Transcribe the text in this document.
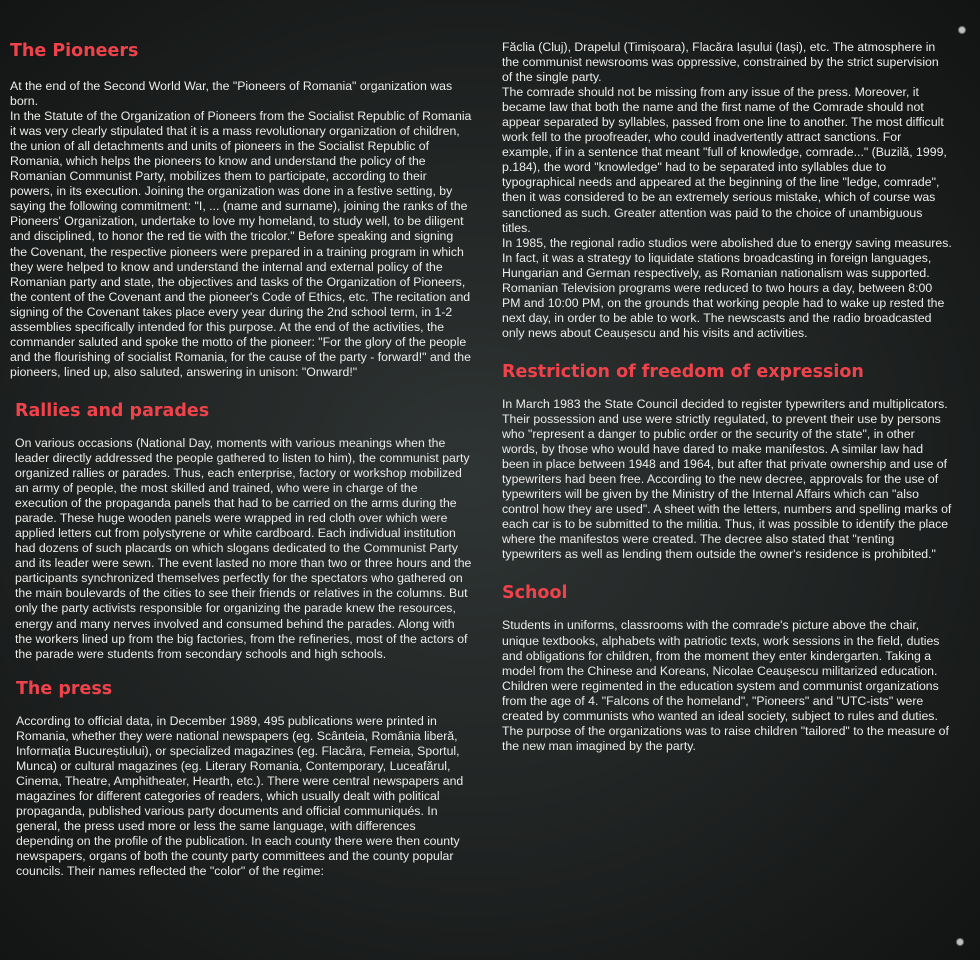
The Pioneers

At the end of the Second World War, the "Pioneers of Romania" organization was born.

In the Statute of the Organization of Pioneers from the Socialist Republic of Romania it was very clearly stipulated that it is a mass revolutionary organization of children, the union of all detachments and units of pioneers in the Socialist Republic of Romania, which helps the pioneers to know and understand the policy of the Romanian Communist Party, mobilizes them to participate, according to their powers, in its execution. Joining the organization was done in a festive setting, by saying the following commitment: "I, ... (name and surname), joining the ranks of the Pioneers' Organization, undertake to love my homeland, to study well, to be diligent and disciplined, to honor the red tie with the tricolor." Before speaking and signing the Covenant, the respective pioneers were prepared in a training program in which they were helped to know and understand the internal and external policy of the Romanian party and state, the objectives and tasks of the Organization of Pioneers, the content of the Covenant and the pioneer's Code of Ethics, etc. The recitation and signing of the Covenant takes place every year during the 2nd school term, in 1-2 assemblies specifically intended for this purpose. At the end of the activities, the commander saluted and spoke the motto of the pioneer: "For the glory of the people and the flourishing of socialist Romania, for the cause of the party - forward!" and the pioneers, lined up, also saluted, answering in unison: "Onward!"

Rallies and parades

On various occasions (National Day, moments with various meanings when the leader directly addressed the people gathered to listen to him), the communist party organized rallies or parades. Thus, each enterprise, factory or workshop mobilized an army of people, the most skilled and trained, who were in charge of the execution of the propaganda panels that had to be carried on the arms during the parade. These huge wooden panels were wrapped in red cloth over which were applied letters cut from polystyrene or white cardboard. Each individual institution had dozens of such placards on which slogans dedicated to the Communist Party and its leader were sewn. The event lasted no more than two or three hours and the participants synchronized themselves perfectly for the spectators who gathered on the main boulevards of the cities to see their friends or relatives in the columns. But only the party activists responsible for organizing the parade knew the resources, energy and many nerves involved and consumed behind the parades. Along with the workers lined up from the big factories, from the refineries, most of the actors of the parade were students from secondary schools and high schools.

The press

According to official data, in December 1989, 495 publications were printed in Romania, whether they were national newspapers (eg. Scânteia, România liberă, Informația Bucureștiului), or specialized magazines (eg. Flacăra, Femeia, Sportul, Munca) or cultural magazines (eg. Literary Romania, Contemporary, Luceafărul, Cinema, Theatre, Amphitheater, Hearth, etc.). There were central newspapers and magazines for different categories of readers, which usually dealt with political propaganda, published various party documents and official communiqués. In general, the press used more or less the same language, with differences depending on the profile of the publication. In each county there were then county newspapers, organs of both the county party committees and the county popular councils. Their names reflected the "color" of the regime:

Făclia (Cluj), Drapelul (Timișoara), Flacăra Iașului (Iași), etc. The atmosphere in the communist newsrooms was oppressive, constrained by the strict supervision of the single party.

The comrade should not be missing from any issue of the press. Moreover, it became law that both the name and the first name of the Comrade should not appear separated by syllables, passed from one line to another. The most difficult work fell to the proofreader, who could inadvertently attract sanctions. For example, if in a sentence that meant "full of knowledge, comrade..." (Buzilă, 1999, p.184), the word "knowledge" had to be separated into syllables due to typographical needs and appeared at the beginning of the line "ledge, comrade", then it was considered to be an extremely serious mistake, which of course was sanctioned as such. Greater attention was paid to the choice of unambiguous titles.

In 1985, the regional radio studios were abolished due to energy saving measures. In fact, it was a strategy to liquidate stations broadcasting in foreign languages, Hungarian and German respectively, as Romanian nationalism was supported. Romanian Television programs were reduced to two hours a day, between 8:00 PM and 10:00 PM, on the grounds that working people had to wake up rested the next day, in order to be able to work. The newscasts and the radio broadcasted only news about Ceaușescu and his visits and activities.

Restriction of freedom of expression

In March 1983 the State Council decided to register typewriters and multiplicators. Their possession and use were strictly regulated, to prevent their use by persons who "represent a danger to public order or the security of the state", in other words, by those who would have dared to make manifestos. A similar law had been in place between 1948 and 1964, but after that private ownership and use of typewriters had been free. According to the new decree, approvals for the use of typewriters will be given by the Ministry of the Internal Affairs which can "also control how they are used". A sheet with the letters, numbers and spelling marks of each car is to be submitted to the militia. Thus, it was possible to identify the place where the manifestos were created. The decree also stated that "renting typewriters as well as lending them outside the owner's residence is prohibited."

School

Students in uniforms, classrooms with the comrade's picture above the chair, unique textbooks, alphabets with patriotic texts, work sessions in the field, duties and obligations for children, from the moment they enter kindergarten. Taking a model from the Chinese and Koreans, Nicolae Ceaușescu militarized education. Children were regimented in the education system and communist organizations from the age of 4. "Falcons of the homeland", "Pioneers" and "UTC-ists" were created by communists who wanted an ideal society, subject to rules and duties. The purpose of the organizations was to raise children "tailored" to the measure of the new man imagined by the party.
